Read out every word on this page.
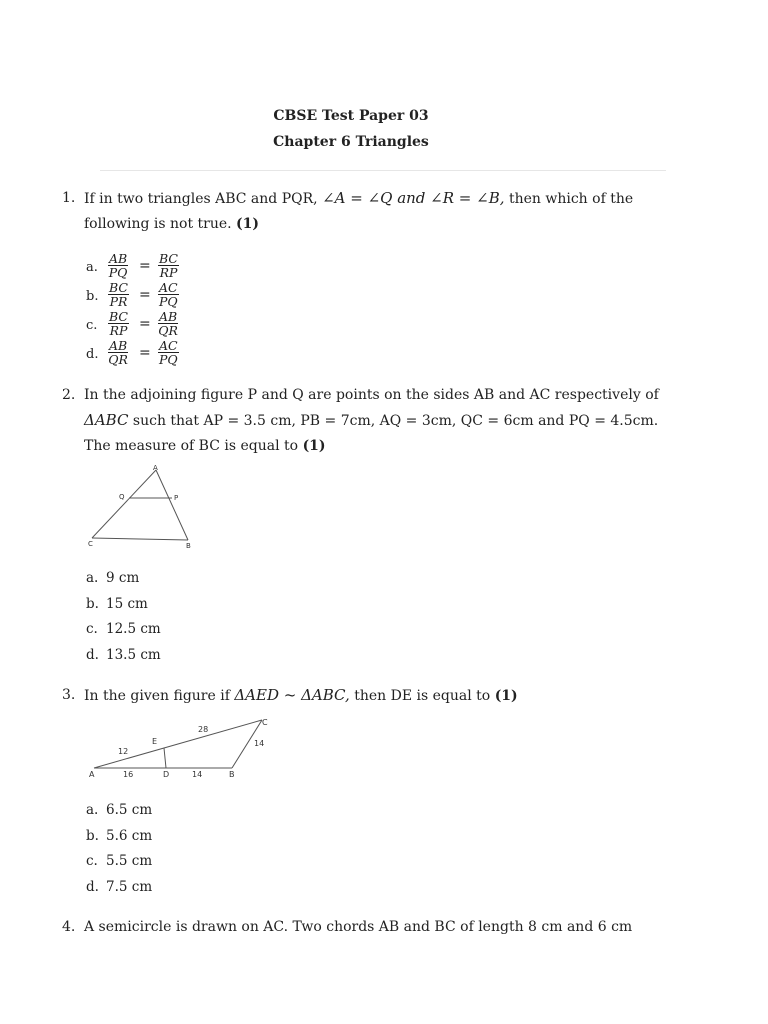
CBSE Test Paper 03
Chapter 6 Triangles
1. If in two triangles ABC and PQR, ∠A = ∠Q and ∠R = ∠B, then which of the following is not true. (1)
a. $\frac{AB}{PQ} = \frac{BC}{RP}$
b. $\frac{BC}{PR} = \frac{AC}{PQ}$
c. $\frac{BC}{RP} = \frac{AB}{QR}$
d. $\frac{AB}{QR} = \frac{AC}{PQ}$
2. In the adjoining figure P and Q are points on the sides AB and AC respectively of ΔABC such that AP = 3.5 cm, PB = 7cm, AQ = 3cm, QC = 6cm and PQ = 4.5cm. The measure of BC is equal to (1)
A
Q	P
C	B
a. 9 cm
b. 15 cm
c. 12.5 cm
d. 13.5 cm
3. In the given figure if ΔAED ~ ΔABC, then DE is equal to (1)
A
E
D	B
C
12
16	14
28
14
a. 6.5 cm
b. 5.6 cm
c. 5.5 cm
d. 7.5 cm
4. A semicircle is drawn on AC. Two chords AB and BC of length 8 cm and 6 cm
